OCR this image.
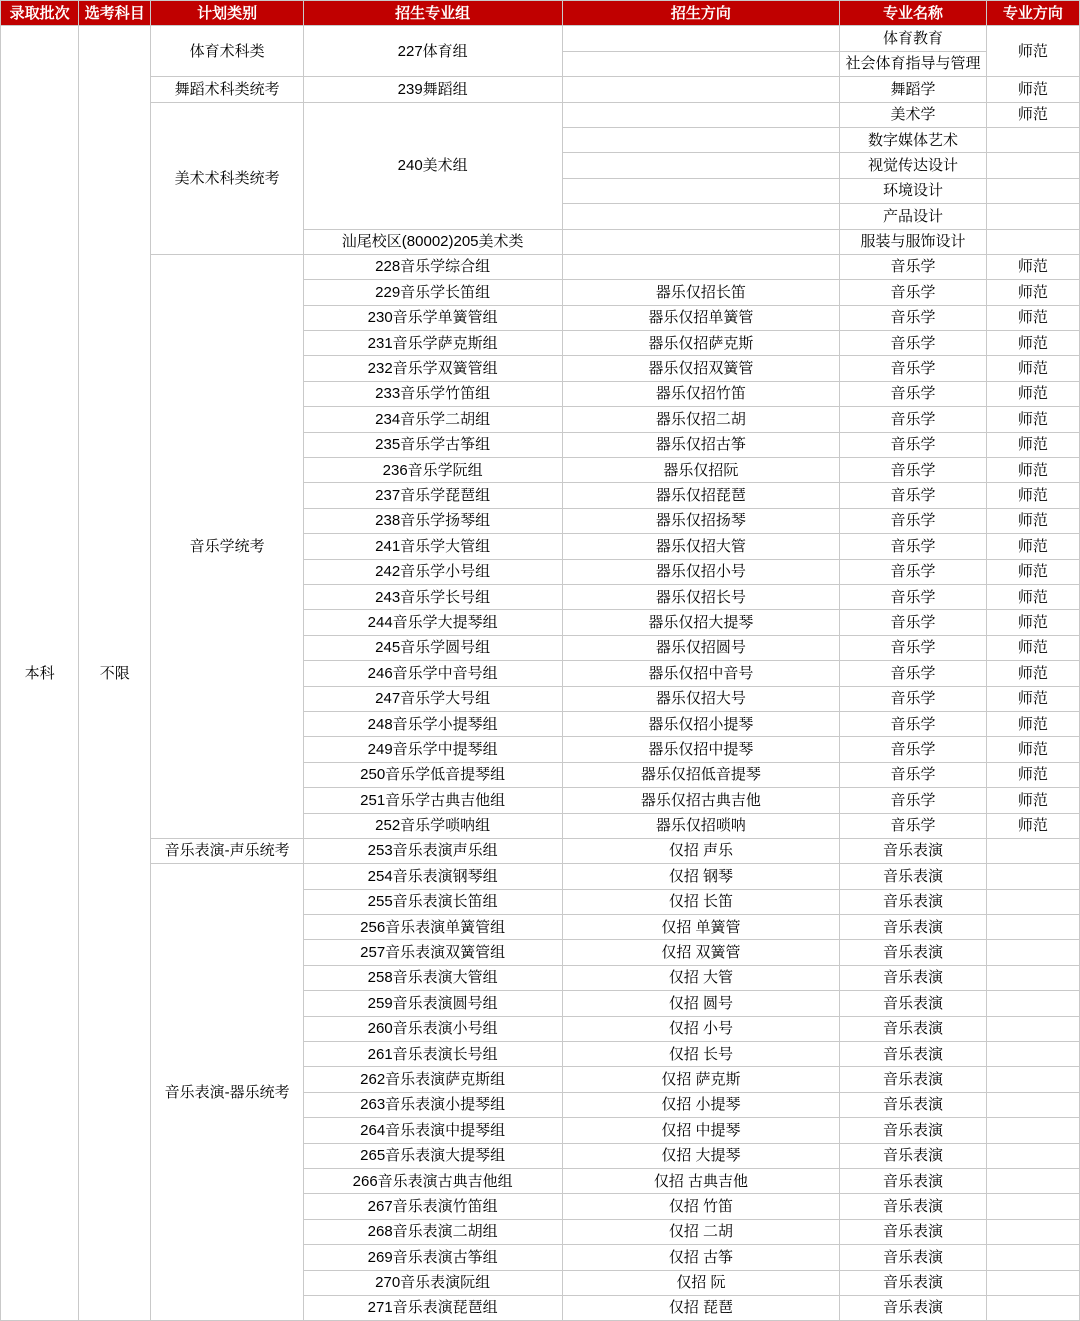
录取批次	选考科目	计划类别	招生专业组	招生方向	专业名称	专业方向
本科	不限	体育术科类	227体育组		体育教育	师范
					社会体育指导与管理	
		舞蹈术科类统考	239舞蹈组		舞蹈学	师范
		美术术科类统考	240美术组		美术学	师范
					数字媒体艺术	
					视觉传达设计	
					环境设计	
					产品设计	
			汕尾校区(80002)205美术类		服装与服饰设计	
		音乐学统考	228音乐学综合组		音乐学	师范
			229音乐学长笛组	器乐仅招长笛	音乐学	师范
			230音乐学单簧管组	器乐仅招单簧管	音乐学	师范
			231音乐学萨克斯组	器乐仅招萨克斯	音乐学	师范
			232音乐学双簧管组	器乐仅招双簧管	音乐学	师范
			233音乐学竹笛组	器乐仅招竹笛	音乐学	师范
			234音乐学二胡组	器乐仅招二胡	音乐学	师范
			235音乐学古筝组	器乐仅招古筝	音乐学	师范
			236音乐学阮组	器乐仅招阮	音乐学	师范
			237音乐学琵琶组	器乐仅招琵琶	音乐学	师范
			238音乐学扬琴组	器乐仅招扬琴	音乐学	师范
			241音乐学大管组	器乐仅招大管	音乐学	师范
			242音乐学小号组	器乐仅招小号	音乐学	师范
			243音乐学长号组	器乐仅招长号	音乐学	师范
			244音乐学大提琴组	器乐仅招大提琴	音乐学	师范
			245音乐学圆号组	器乐仅招圆号	音乐学	师范
			246音乐学中音号组	器乐仅招中音号	音乐学	师范
			247音乐学大号组	器乐仅招大号	音乐学	师范
			248音乐学小提琴组	器乐仅招小提琴	音乐学	师范
			249音乐学中提琴组	器乐仅招中提琴	音乐学	师范
			250音乐学低音提琴组	器乐仅招低音提琴	音乐学	师范
			251音乐学古典吉他组	器乐仅招古典吉他	音乐学	师范
			252音乐学唢呐组	器乐仅招唢呐	音乐学	师范
		音乐表演-声乐统考	253音乐表演声乐组	仅招 声乐	音乐表演	
		音乐表演-器乐统考	254音乐表演钢琴组	仅招 钢琴	音乐表演	
			255音乐表演长笛组	仅招 长笛	音乐表演	
			256音乐表演单簧管组	仅招 单簧管	音乐表演	
			257音乐表演双簧管组	仅招 双簧管	音乐表演	
			258音乐表演大管组	仅招 大管	音乐表演	
			259音乐表演圆号组	仅招 圆号	音乐表演	
			260音乐表演小号组	仅招 小号	音乐表演	
			261音乐表演长号组	仅招 长号	音乐表演	
			262音乐表演萨克斯组	仅招 萨克斯	音乐表演	
			263音乐表演小提琴组	仅招 小提琴	音乐表演	
			264音乐表演中提琴组	仅招 中提琴	音乐表演	
			265音乐表演大提琴组	仅招 大提琴	音乐表演	
			266音乐表演古典吉他组	仅招 古典吉他	音乐表演	
			267音乐表演竹笛组	仅招 竹笛	音乐表演	
			268音乐表演二胡组	仅招 二胡	音乐表演	
			269音乐表演古筝组	仅招 古筝	音乐表演	
			270音乐表演阮组	仅招 阮	音乐表演	
			271音乐表演琵琶组	仅招 琵琶	音乐表演	
